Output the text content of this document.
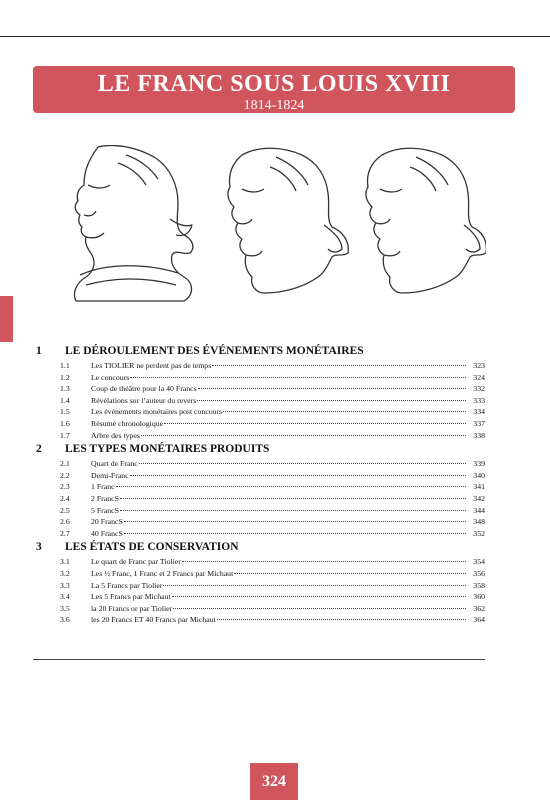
LE FRANC SOUS LOUIS XVIII
1814-1824
1	LE DÉROULEMENT DES ÉVÉNEMENTS MONÉTAIRES
1.1	Les TIOLIER ne perdent pas de temps	323
1.2	Le concours	324
1.3	Coup de théâtre pour la 40 Francs	332
1.4	Révélations sur l’auteur du revers	333
1.5	Les événements monétaires post concours	334
1.6	Résumé chronologique	337
1.7	Arbre des types	338
2	LES TYPES MONÉTAIRES PRODUITS
2.1	Quart de Franc	339
2.2	Demi-Franc	340
2.3	1 Franc	341
2.4	2 FrancS	342
2.5	5 FrancS	344
2.6	20 FrancS	348
2.7	40 FrancS	352
3	LES ÉTATS DE CONSERVATION
3.1	Le quart de Franc par Tiolier	354
3.2	Les ½ Franc, 1 Franc et 2 Francs par Michaut	356
3.3	La 5 Francs par Tiolier	358
3.4	Les 5 Francs par Michaut	360
3.5	la 20 Francs or par Tiolier	362
3.6	les 20 Francs ET 40 Francs par Michaut	364
324
